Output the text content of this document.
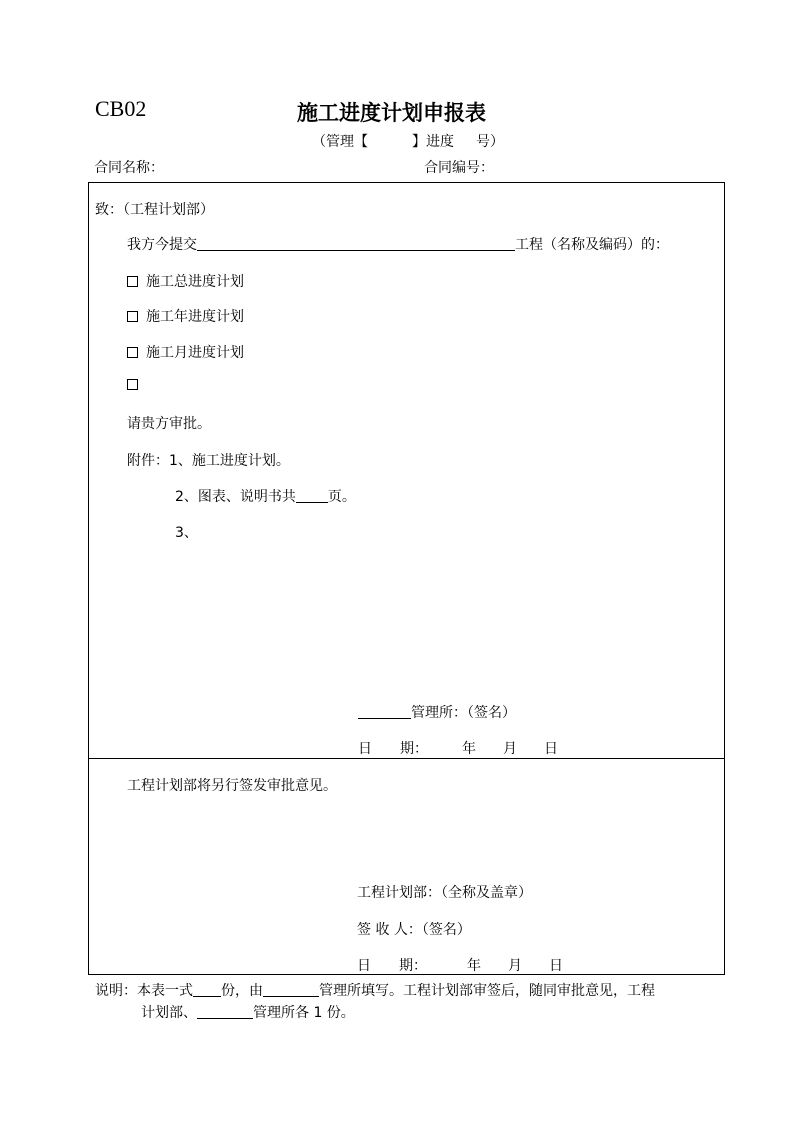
CB02	施工进度计划申报表
（管理【	】进度 号）
合同名称：	合同编号：
致：（工程计划部）
我方今提交	工程（名称及编码）的：
施工总进度计划
施工年进度计划
施工月进度计划
请贵方审批。
附件：1、施工进度计划。
2、图表、说明书共 页。
3、
管理所：（签名）
日　　期： 年 月 日
工程计划部将另行签发审批意见。
工程计划部：（全称及盖章）
签 收 人：（签名）
日　　期：	年 月 日
说明：本表一式 份，由	管理所填写。工程计划部审签后，随同审批意见，工程
计划部、	管理所各 1 份。
